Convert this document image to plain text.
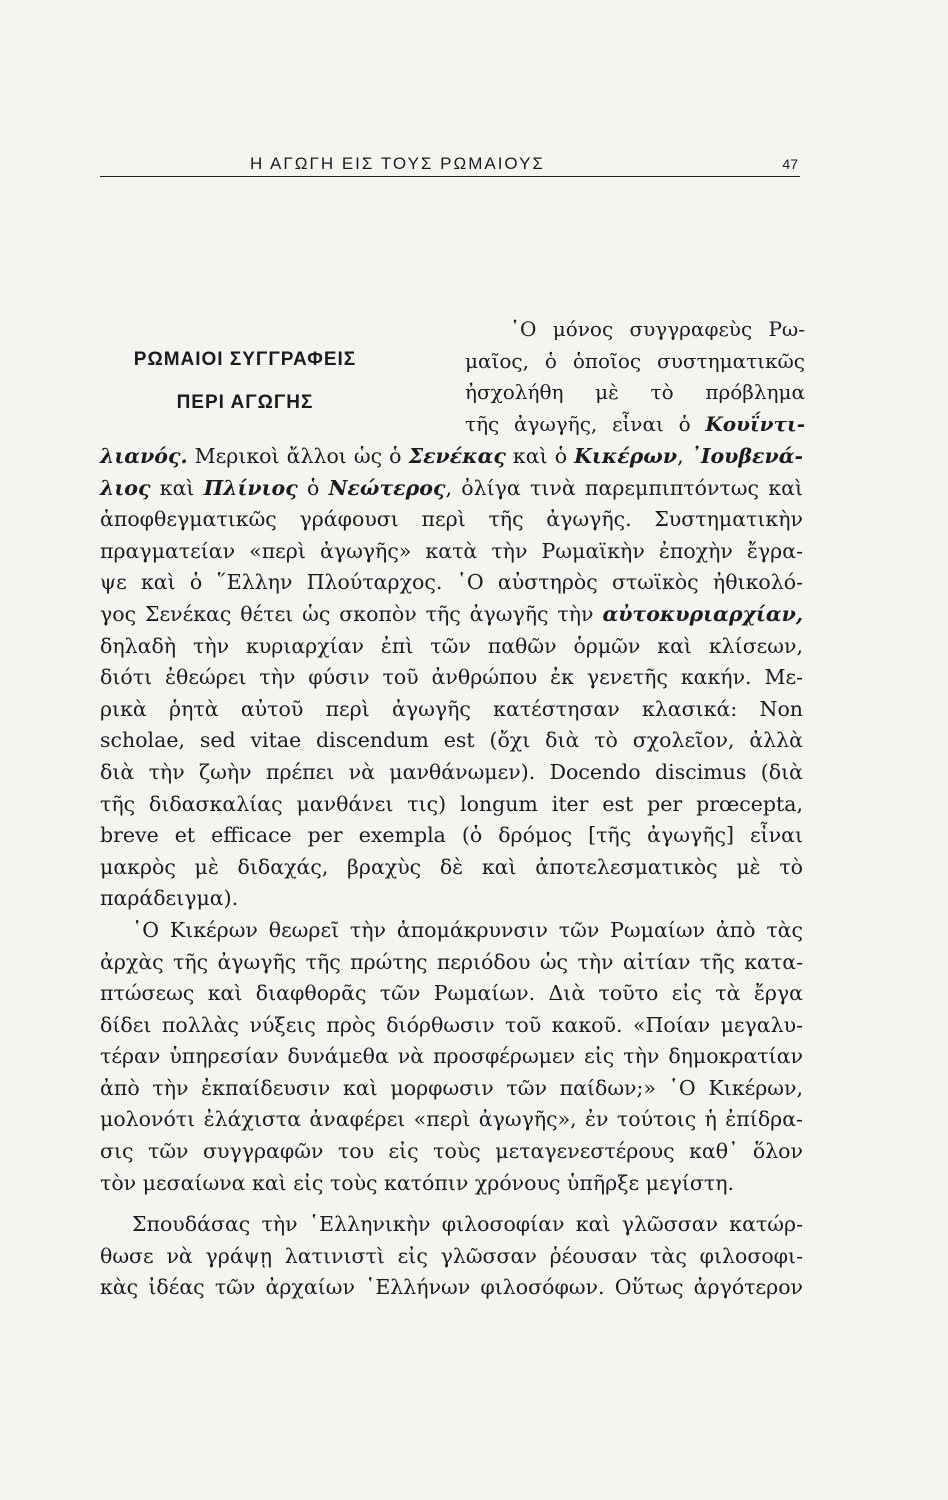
Η ΑΓΩΓΗ ΕΙΣ ΤΟΥΣ ΡΩΜΑΙΟΥΣ	47
ΡΩΜΑΙΟΙ ΣΥΓΓΡΑΦΕΙΣ
ΠΕΡΙ ΑΓΩΓΗΣ
῾Ο μόνος συγγραφεὺς Ρω-
μαῖος, ὁ ὁποῖος συστηματικῶς
ἠσχολήθη μὲ τὸ πρόβλημα
τῆς ἀγωγῆς, εἶναι ὁ Κουΐντι-
λιανός. Μερικοὶ ἄλλοι ὡς ὁ Σενέκας καὶ ὁ Κικέρων, ᾿Ιουβενά-
λιος καὶ Πλίνιος ὁ Νεώτερος, ὀλίγα τινὰ παρεμπιπτόντως καὶ
ἀποφθεγματικῶς γράφουσι περὶ τῆς ἀγωγῆς. Συστηματικὴν
πραγματείαν «περὶ ἀγωγῆς» κατὰ τὴν Ρωμαϊκὴν ἐποχὴν ἔγρα-
ψε καὶ ὁ ῞Ελλην Πλούταρχος. ῾Ο αὐστηρὸς στωϊκὸς ἠθικολό-
γος Σενέκας θέτει ὡς σκοπὸν τῆς ἀγωγῆς τὴν αὐτοκυριαρχίαν,
δηλαδὴ τὴν κυριαρχίαν ἐπὶ τῶν παθῶν ὁρμῶν καὶ κλίσεων,
διότι ἐθεώρει τὴν φύσιν τοῦ ἀνθρώπου ἐκ γενετῆς κακήν. Με-
ρικὰ ῥητὰ αὐτοῦ περὶ ἀγωγῆς κατέστησαν κλασικά: Non
scholae, sed vitae discendum est (ὄχι διὰ τὸ σχολεῖον, ἀλλὰ
διὰ τὴν ζωὴν πρέπει νὰ μανθάνωμεν). Docendo discimus (διὰ
τῆς διδασκαλίας μανθάνει τις) longum iter est per prœcepta,
breve et efficace per exempla (ὁ δρόμος [τῆς ἀγωγῆς] εἶναι
μακρὸς μὲ διδαχάς, βραχὺς δὲ καὶ ἀποτελεσματικὸς μὲ τὸ
παράδειγμα).
῾Ο Κικέρων θεωρεῖ τὴν ἀπομάκρυνσιν τῶν Ρωμαίων ἀπὸ τὰς
ἀρχὰς τῆς ἀγωγῆς τῆς πρώτης περιόδου ὡς τὴν αἰτίαν τῆς κατα-
πτώσεως καὶ διαφθορᾶς τῶν Ρωμαίων. Διὰ τοῦτο εἰς τὰ ἔργα
δίδει πολλὰς νύξεις πρὸς διόρθωσιν τοῦ κακοῦ. «Ποίαν μεγαλυ-
τέραν ὑπηρεσίαν δυνάμεθα νὰ προσφέρωμεν εἰς τὴν δημοκρατίαν
ἀπὸ τὴν ἐκπαίδευσιν καὶ μορφωσιν τῶν παίδων;» ῾Ο Κικέρων,
μολονότι ἐλάχιστα ἀναφέρει «περὶ ἀγωγῆς», ἐν τούτοις ἡ ἐπίδρα-
σις τῶν συγγραφῶν του εἰς τοὺς μεταγενεστέρους καθ᾿ ὅλον
τὸν μεσαίωνα καὶ εἰς τοὺς κατόπιν χρόνους ὑπῆρξε μεγίστη.
Σπουδάσας τὴν ῾Ελληνικὴν φιλοσοφίαν καὶ γλῶσσαν κατώρ-
θωσε νὰ γράψῃ λατινιστὶ εἰς γλῶσσαν ῥέουσαν τὰς φιλοσοφι-
κὰς ἰδέας τῶν ἀρχαίων ῾Ελλήνων φιλοσόφων. Οὕτως ἀργότερον
